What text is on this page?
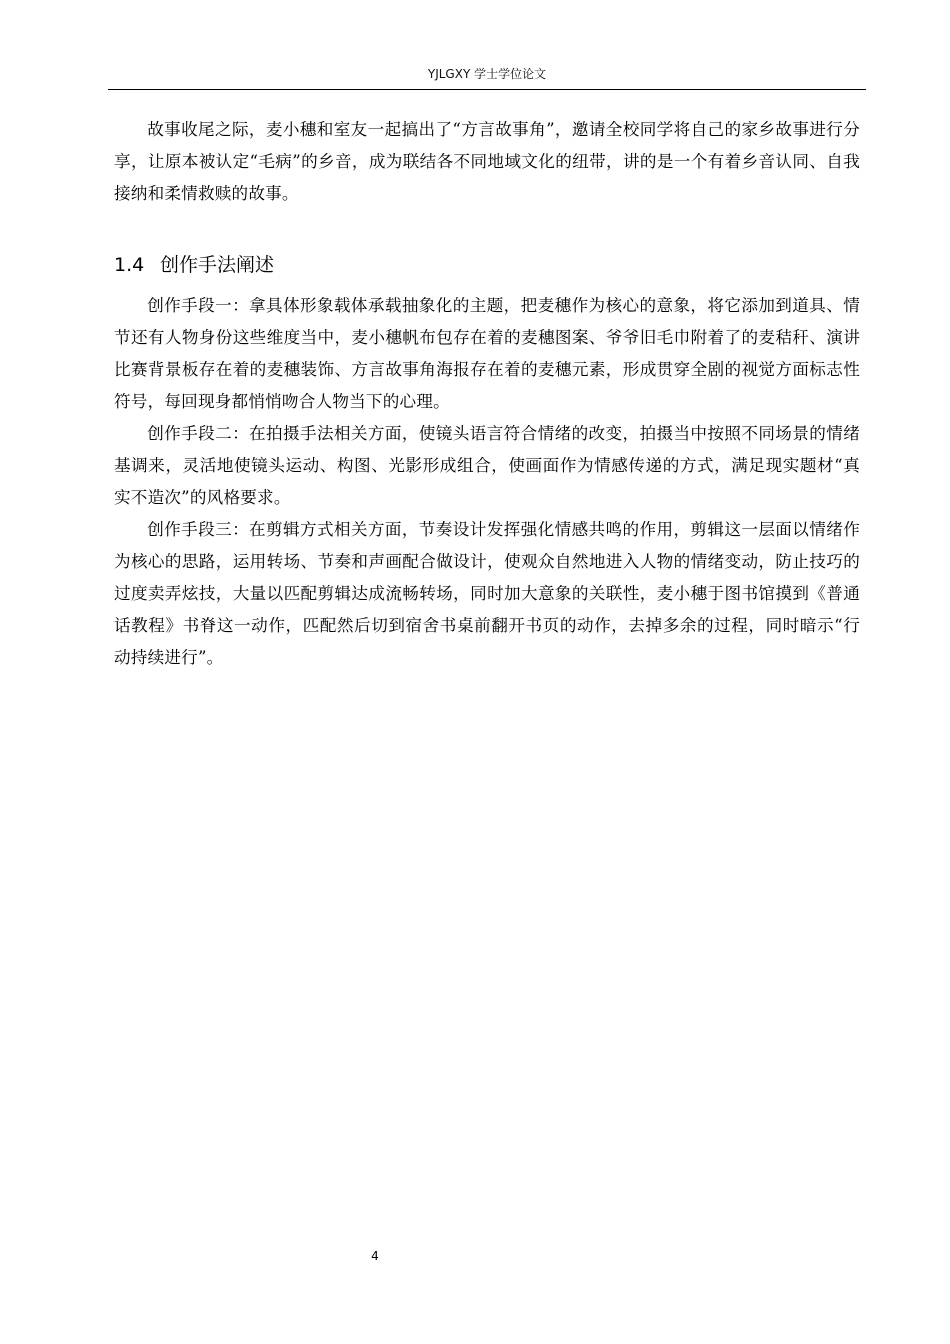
YJLGXY 学士学位论文

故事收尾之际，麦小穗和室友一起搞出了“方言故事角”，邀请全校同学将自己的家乡故事进行分享，让原本被认定“毛病”的乡音，成为联结各不同地域文化的纽带，讲的是一个有着乡音认同、自我接纳和柔情救赎的故事。

1.4 创作手法阐述

创作手段一：拿具体形象载体承载抽象化的主题，把麦穗作为核心的意象，将它添加到道具、情节还有人物身份这些维度当中，麦小穗帆布包存在着的麦穗图案、爷爷旧毛巾附着了的麦秸秆、演讲比赛背景板存在着的麦穗装饰、方言故事角海报存在着的麦穗元素，形成贯穿全剧的视觉方面标志性符号，每回现身都悄悄吻合人物当下的心理。

创作手段二：在拍摄手法相关方面，使镜头语言符合情绪的改变，拍摄当中按照不同场景的情绪基调来，灵活地使镜头运动、构图、光影形成组合，使画面作为情感传递的方式，满足现实题材“真实不造次”的风格要求。

创作手段三：在剪辑方式相关方面，节奏设计发挥强化情感共鸣的作用，剪辑这一层面以情绪作为核心的思路，运用转场、节奏和声画配合做设计，使观众自然地进入人物的情绪变动，防止技巧的过度卖弄炫技，大量以匹配剪辑达成流畅转场，同时加大意象的关联性，麦小穗于图书馆摸到《普通话教程》书脊这一动作，匹配然后切到宿舍书桌前翻开书页的动作，去掉多余的过程，同时暗示“行动持续进行”。

4
